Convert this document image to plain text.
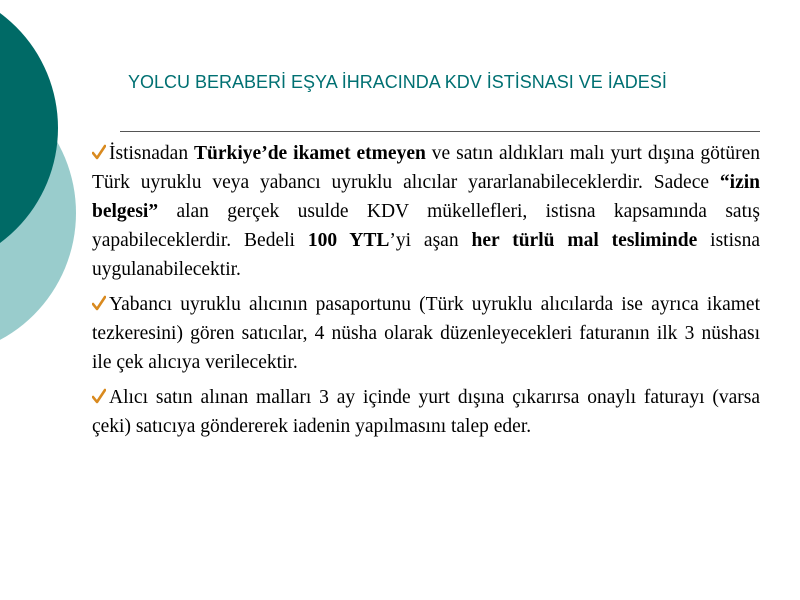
YOLCU BERABERİ EŞYA İHRACINDA KDV İSTİSNASI VE İADESİ

İstisnadan Türkiye’de ikamet etmeyen ve satın aldıkları malı yurt dışına götüren Türk uyruklu veya yabancı uyruklu alıcılar yararlanabileceklerdir. Sadece “izin belgesi” alan gerçek usulde KDV mükellefleri, istisna kapsamında satış yapabileceklerdir. Bedeli 100 YTL’yi aşan her türlü mal tesliminde istisna uygulanabilecektir.

Yabancı uyruklu alıcının pasaportunu (Türk uyruklu alıcılarda ise ayrıca ikamet tezkeresini) gören satıcılar, 4 nüsha olarak düzenleyecekleri faturanın ilk 3 nüshası ile çek alıcıya verilecektir.

Alıcı satın alınan malları 3 ay içinde yurt dışına çıkarırsa onaylı faturayı (varsa çeki) satıcıya göndererek iadenin yapılmasını talep eder.
